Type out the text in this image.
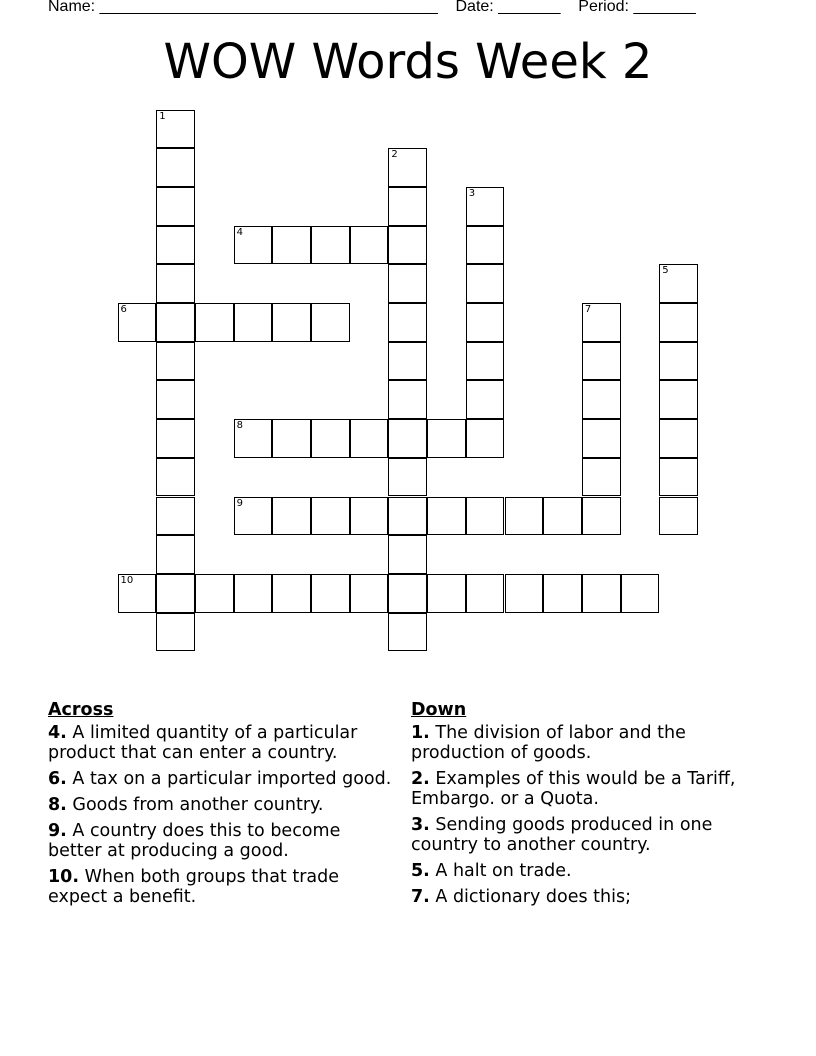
Name: ______________________________________ Date: _______ Period: _______
WOW Words Week 2
1
2
3
4
5
6	7
8
9
10
Across
4. A limited quantity of a particular product that can enter a country.
6. A tax on a particular imported good.
8. Goods from another country.
9. A country does this to become better at producing a good.
10. When both groups that trade expect a benefit.
Down
1. The division of labor and the production of goods.
2. Examples of this would be a Tariff, Embargo. or a Quota.
3. Sending goods produced in one country to another country.
5. A halt on trade.
7. A dictionary does this;
